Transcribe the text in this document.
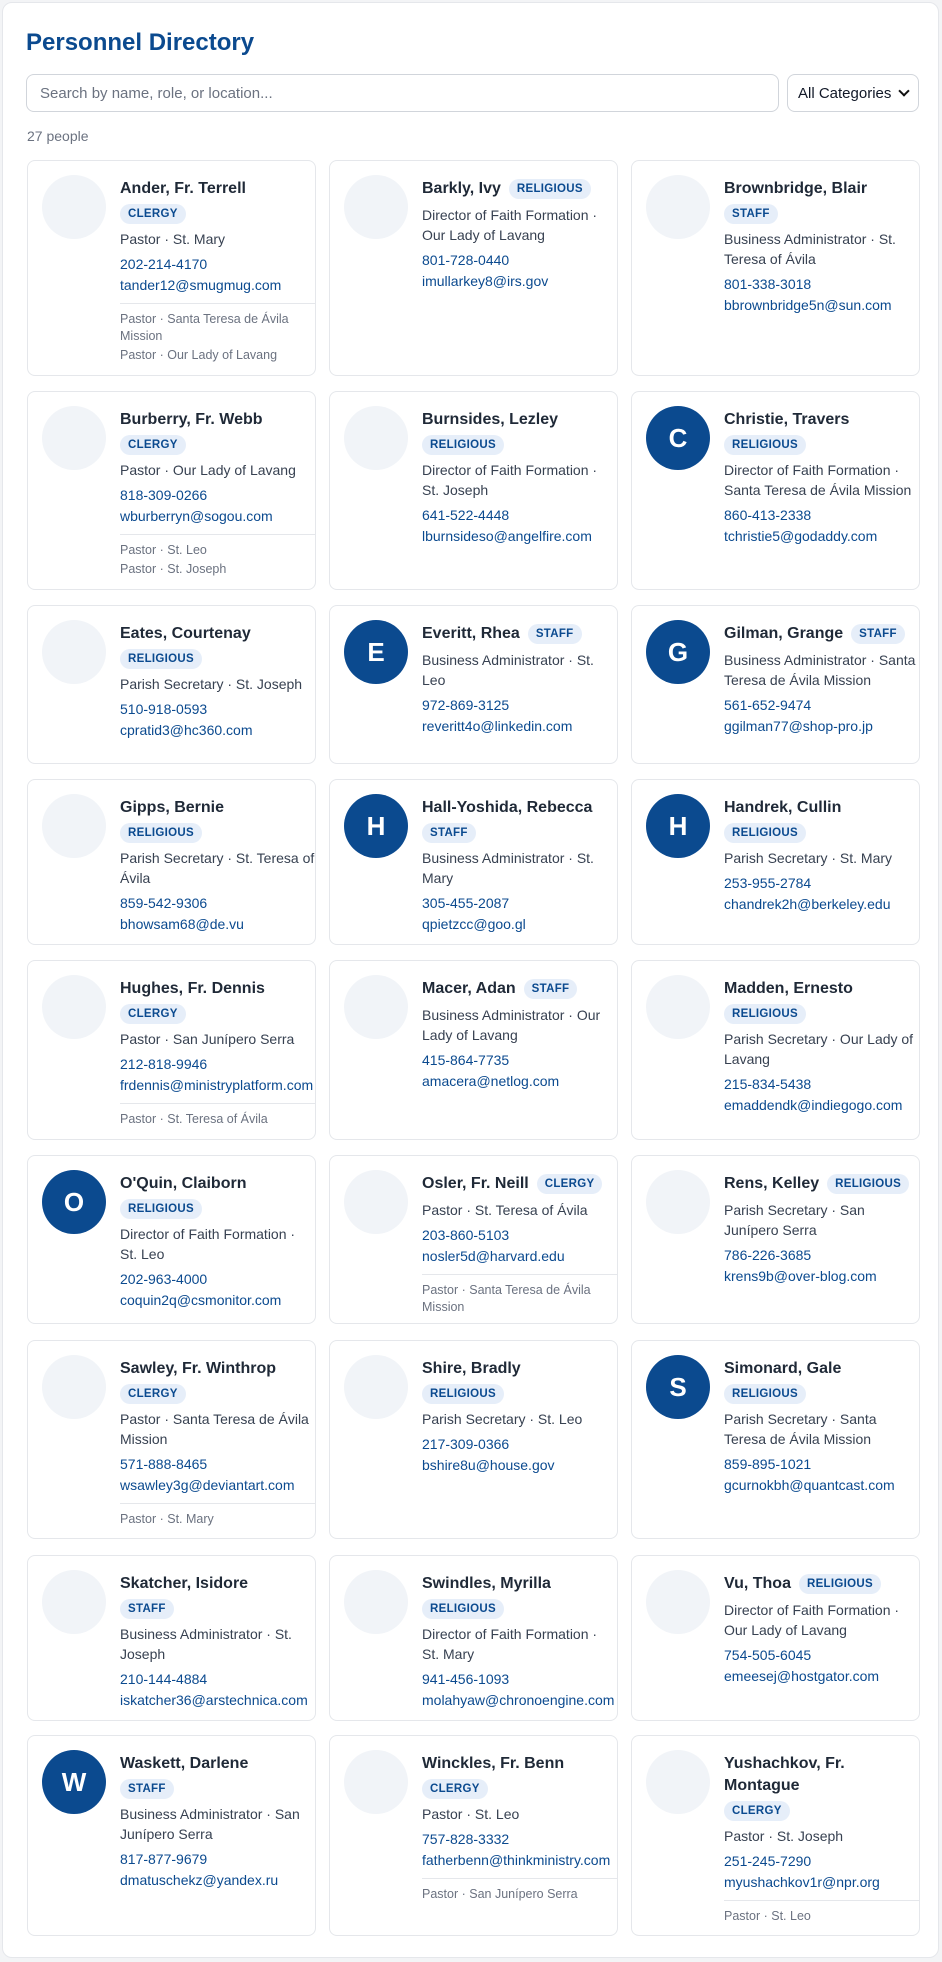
Personnel Directory
Search by name, role, or location...
All Categories
27 people
Ander, Fr. Terrell
CLERGY
Pastor · St. Mary
202-214-4170
tander12@smugmug.com
Pastor · Santa Teresa de Ávila Mission
Pastor · Our Lady of Lavang
Barkly, Ivy RELIGIOUS
Director of Faith Formation · Our Lady of Lavang
801-728-0440
imullarkey8@irs.gov
Brownbridge, Blair
STAFF
Business Administrator · St. Teresa of Ávila
801-338-3018
bbrownbridge5n@sun.com
Burberry, Fr. Webb
CLERGY
Pastor · Our Lady of Lavang
818-309-0266
wburberryn@sogou.com
Pastor · St. Leo
Pastor · St. Joseph
Burnsides, Lezley
RELIGIOUS
Director of Faith Formation · St. Joseph
641-522-4448
lburnsideso@angelfire.com
C
Christie, Travers
RELIGIOUS
Director of Faith Formation · Santa Teresa de Ávila Mission
860-413-2338
tchristie5@godaddy.com
Eates, Courtenay
RELIGIOUS
Parish Secretary · St. Joseph
510-918-0593
cpratid3@hc360.com
E
Everitt, Rhea STAFF
Business Administrator · St. Leo
972-869-3125
reveritt4o@linkedin.com
G
Gilman, Grange STAFF
Business Administrator · Santa Teresa de Ávila Mission
561-652-9474
ggilman77@shop-pro.jp
Gipps, Bernie
RELIGIOUS
Parish Secretary · St. Teresa of Ávila
859-542-9306
bhowsam68@de.vu
H
Hall-Yoshida, Rebecca
STAFF
Business Administrator · St. Mary
305-455-2087
qpietzcc@goo.gl
H
Handrek, Cullin
RELIGIOUS
Parish Secretary · St. Mary
253-955-2784
chandrek2h@berkeley.edu
Hughes, Fr. Dennis
CLERGY
Pastor · San Junípero Serra
212-818-9946
frdennis@ministryplatform.com
Pastor · St. Teresa of Ávila
Macer, Adan STAFF
Business Administrator · Our Lady of Lavang
415-864-7735
amacera@netlog.com
Madden, Ernesto
RELIGIOUS
Parish Secretary · Our Lady of Lavang
215-834-5438
emaddendk@indiegogo.com
O
O'Quin, Claiborn
RELIGIOUS
Director of Faith Formation · St. Leo
202-963-4000
coquin2q@csmonitor.com
Osler, Fr. Neill CLERGY
Pastor · St. Teresa of Ávila
203-860-5103
nosler5d@harvard.edu
Pastor · Santa Teresa de Ávila Mission
Rens, Kelley RELIGIOUS
Parish Secretary · San Junípero Serra
786-226-3685
krens9b@over-blog.com
Sawley, Fr. Winthrop
CLERGY
Pastor · Santa Teresa de Ávila Mission
571-888-8465
wsawley3g@deviantart.com
Pastor · St. Mary
Shire, Bradly
RELIGIOUS
Parish Secretary · St. Leo
217-309-0366
bshire8u@house.gov
S
Simonard, Gale
RELIGIOUS
Parish Secretary · Santa Teresa de Ávila Mission
859-895-1021
gcurnokbh@quantcast.com
Skatcher, Isidore
STAFF
Business Administrator · St. Joseph
210-144-4884
iskatcher36@arstechnica.com
Swindles, Myrilla
RELIGIOUS
Director of Faith Formation · St. Mary
941-456-1093
molahyaw@chronoengine.com
Vu, Thoa RELIGIOUS
Director of Faith Formation · Our Lady of Lavang
754-505-6045
emeesej@hostgator.com
W
Waskett, Darlene
STAFF
Business Administrator · San Junípero Serra
817-877-9679
dmatuschekz@yandex.ru
Winckles, Fr. Benn
CLERGY
Pastor · St. Leo
757-828-3332
fatherbenn@thinkministry.com
Pastor · San Junípero Serra
Yushachkov, Fr. Montague
CLERGY
Pastor · St. Joseph
251-245-7290
myushachkov1r@npr.org
Pastor · St. Leo
